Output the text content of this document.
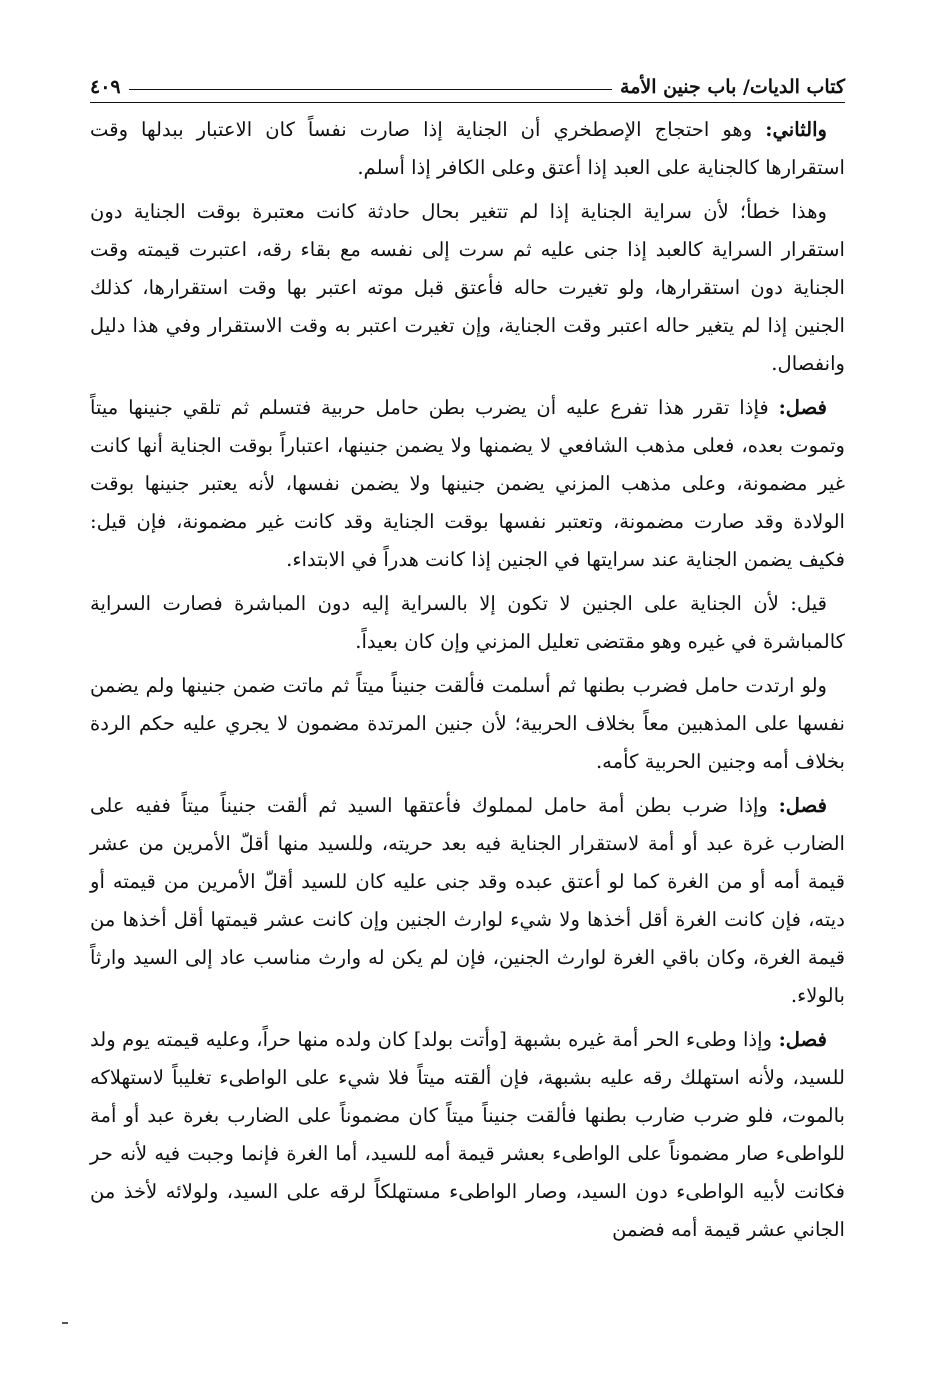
كتاب الديات/ باب جنين الأمة
٤٠٩

والثاني: وهو احتجاج الإصطخري أن الجناية إذا صارت نفساً كان الاعتبار ببدلها وقت استقرارها كالجناية على العبد إذا أعتق وعلى الكافر إذا أسلم.

وهذا خطأ؛ لأن سراية الجناية إذا لم تتغير بحال حادثة كانت معتبرة بوقت الجناية دون استقرار السراية كالعبد إذا جنى عليه ثم سرت إلى نفسه مع بقاء رقه، اعتبرت قيمته وقت الجناية دون استقرارها، ولو تغيرت حاله فأعتق قبل موته اعتبر بها وقت استقرارها، كذلك الجنين إذا لم يتغير حاله اعتبر وقت الجناية، وإن تغيرت اعتبر به وقت الاستقرار وفي هذا دليل وانفصال.

فصل: فإذا تقرر هذا تفرع عليه أن يضرب بطن حامل حربية فتسلم ثم تلقي جنينها ميتاً وتموت بعده، فعلى مذهب الشافعي لا يضمنها ولا يضمن جنينها، اعتباراً بوقت الجناية أنها كانت غير مضمونة، وعلى مذهب المزني يضمن جنينها ولا يضمن نفسها، لأنه يعتبر جنينها بوقت الولادة وقد صارت مضمونة، وتعتبر نفسها بوقت الجناية وقد كانت غير مضمونة، فإن قيل: فكيف يضمن الجناية عند سرايتها في الجنين إذا كانت هدراً في الابتداء.

قيل: لأن الجناية على الجنين لا تكون إلا بالسراية إليه دون المباشرة فصارت السراية كالمباشرة في غيره وهو مقتضى تعليل المزني وإن كان بعيداً.

ولو ارتدت حامل فضرب بطنها ثم أسلمت فألقت جنيناً ميتاً ثم ماتت ضمن جنينها ولم يضمن نفسها على المذهبين معاً بخلاف الحربية؛ لأن جنين المرتدة مضمون لا يجري عليه حكم الردة بخلاف أمه وجنين الحربية كأمه.

فصل: وإذا ضرب بطن أمة حامل لمملوك فأعتقها السيد ثم ألقت جنيناً ميتاً ففيه على الضارب غرة عبد أو أمة لاستقرار الجناية فيه بعد حريته، وللسيد منها أقلّ الأمرين من عشر قيمة أمه أو من الغرة كما لو أعتق عبده وقد جنى عليه كان للسيد أقلّ الأمرين من قيمته أو ديته، فإن كانت الغرة أقل أخذها ولا شيء لوارث الجنين وإن كانت عشر قيمتها أقل أخذها من قيمة الغرة، وكان باقي الغرة لوارث الجنين، فإن لم يكن له وارث مناسب عاد إلى السيد وارثاً بالولاء.

فصل: وإذا وطىء الحر أمة غيره بشبهة [وأتت بولد] كان ولده منها حراً، وعليه قيمته يوم ولد للسيد، ولأنه استهلك رقه عليه بشبهة، فإن ألقته ميتاً فلا شيء على الواطىء تغليباً لاستهلاكه بالموت، فلو ضرب ضارب بطنها فألقت جنيناً ميتاً كان مضموناً على الضارب بغرة عبد أو أمة للواطىء صار مضموناً على الواطىء بعشر قيمة أمه للسيد، أما الغرة فإنما وجبت فيه لأنه حر فكانت لأبيه الواطىء دون السيد، وصار الواطىء مستهلكاً لرقه على السيد، ولولائه لأخذ من الجاني عشر قيمة أمه فضمن
